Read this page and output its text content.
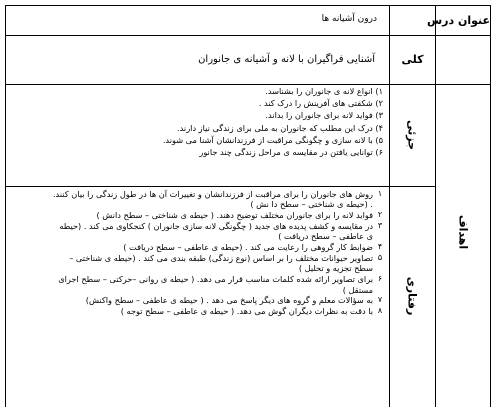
عنوان درس
درون آشیانه ها
کلی
آشنایی فراگیران با لانه و آشیانه ی جانوران
جزئی
۱) انواع لانه ی جانوران را بشناسد.
۲) شکفتی های آفرینش را درک کند .
۳) فواید لانه برای جانوران را بداند.
۴) درک این مطلب که جانوران به ملی برای زندگی نیاز دارند.
۵) با لانه سازی و چگونگی مراقبت از فرزندانشان آشنا می شوند.
۶) توانایی یافتن در مقایسه ی مراحل زندگی چند جانور
اهداف
رفتاری
۱
روش های جانوران را برای مراقبت از فرزندانشان و تغییرات آن ها در طول زندگی را بیان کنند.
. (حیطه ی شناختی – سطح دا نش )
۲
فواید لانه را برای جانوران مختلف توضیح دهند. ( حیطه ی شناختی – سطح دانش )
۳
در مقایسه و کشف پدیده های جدید ( چگونگی لانه سازی جانوران ) کنجکاوی می کند . (حیطه
ی عاطفی – سطح دریافت )
۴
ضوابط کار گروهی را رعایت می کند . (حیطه ی عاطفی – سطح دریافت )
۵
تصاویر حیوانات مختلف را بر اساس (نوع زندگی) طبقه بندی می کند . (حیطه ی شناختی –
سطح تجزیه و تحلیل )
۶
برای تصاویر ارائه شده کلمات مناسب قرار می دهد. ( حیطه ی روانی –حرکتی – سطح اجرای
مستقل )
۷
به سؤالات معلم و گروه های دیگر پاسخ می دهد . ( حیطه ی عاطفی – سطح واکنش)
۸
با دقت به نظرات دیگران گوش می دهد. ( حیطه ی عاطفی – سطح توجه )
